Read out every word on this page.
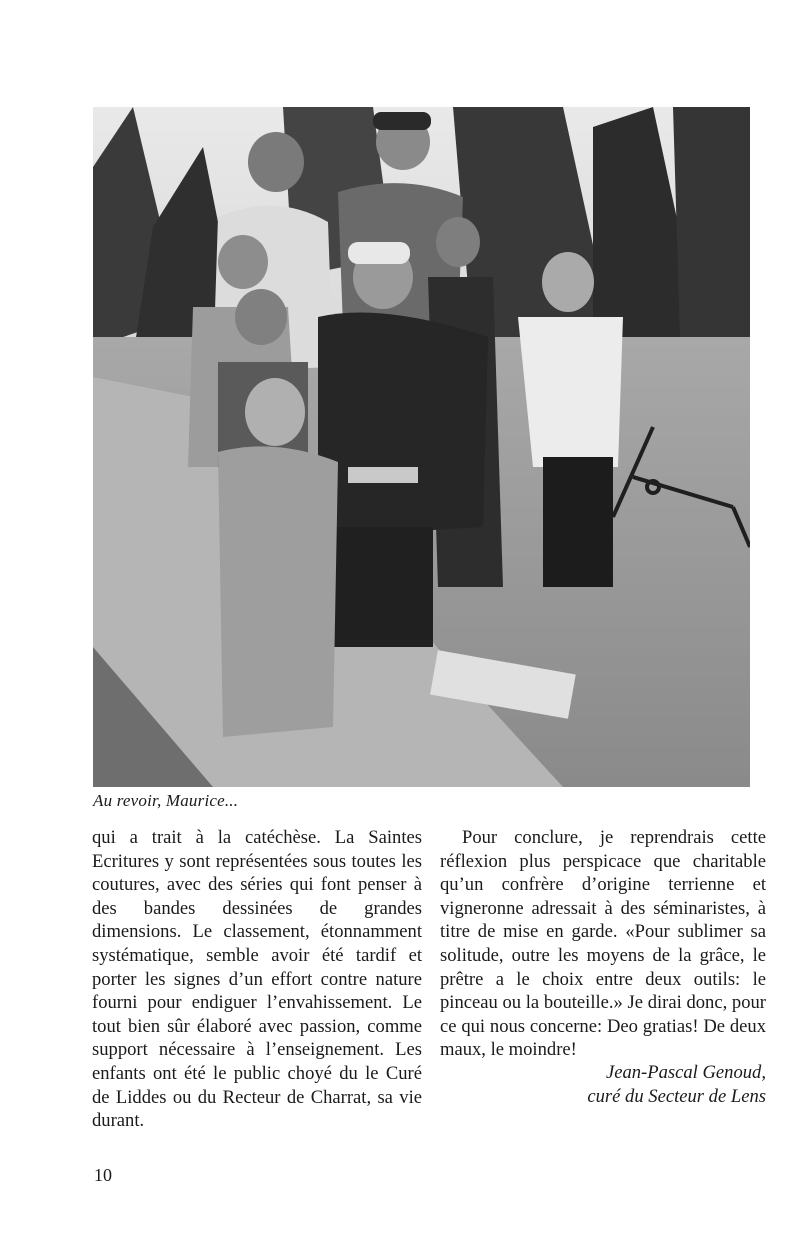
Au revoir, Maurice...

qui a trait à la catéchèse. La Saintes Ecritures y sont représentées sous toutes les coutures, avec des séries qui font penser à des bandes dessinées de grandes dimensions. Le classement, étonnamment systématique, semble avoir été tardif et porter les signes d’un effort contre nature fourni pour endiguer l’envahissement. Le tout bien sûr élaboré avec passion, comme support nécessaire à l’enseignement. Les enfants ont été le public choyé du le Curé de Liddes ou du Recteur de Charrat, sa vie durant.

Pour conclure, je reprendrais cette réflexion plus perspicace que charitable qu’un confrère d’origine terrienne et vigneronne adressait à des séminaristes, à titre de mise en garde. «Pour sublimer sa solitude, outre les moyens de la grâce, le prêtre a le choix entre deux outils: le pinceau ou la bouteille.» Je dirai donc, pour ce qui nous concerne: Deo gratias! De deux maux, le moindre!

Jean-Pascal Genoud,
curé du Secteur de Lens
10
